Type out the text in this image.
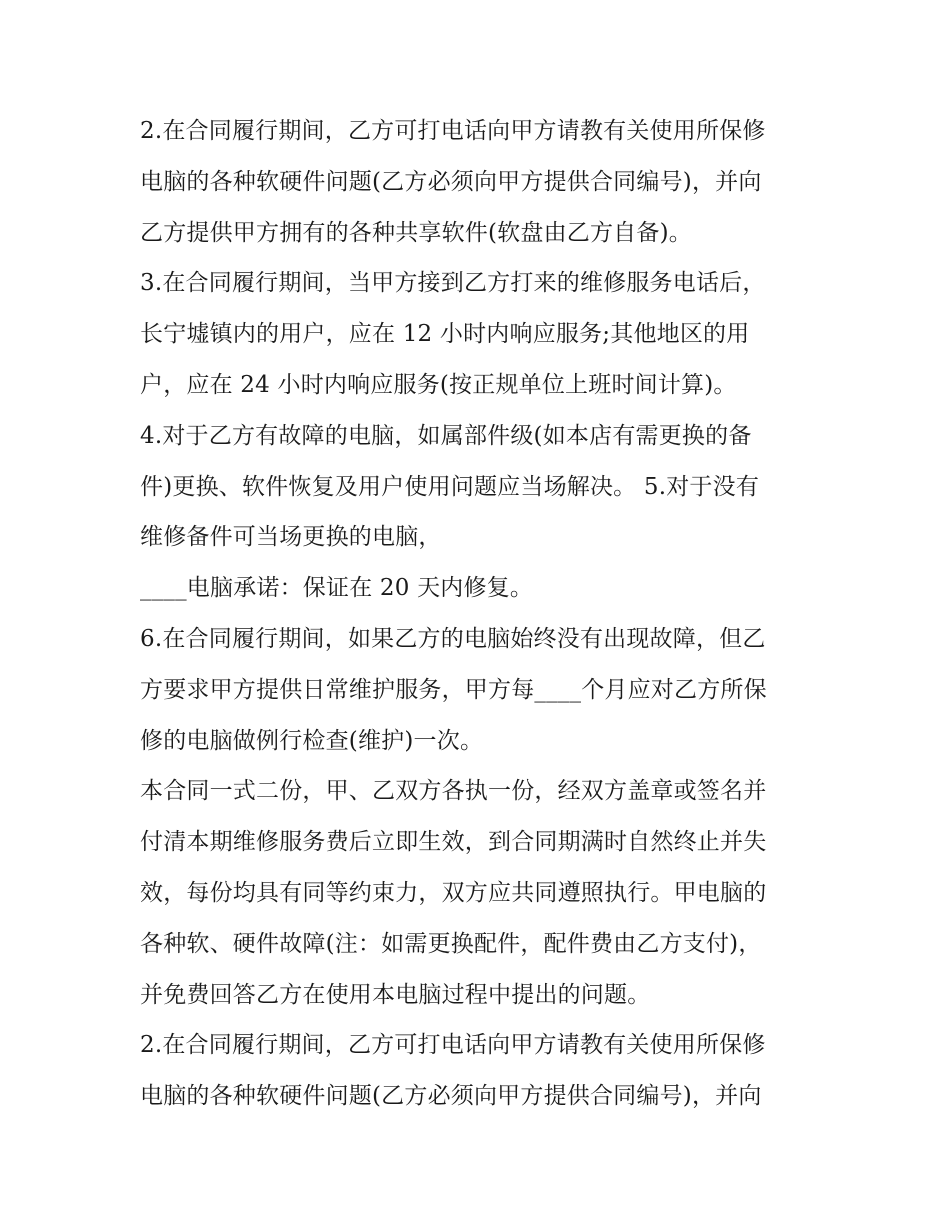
2.在合同履行期间，乙方可打电话向甲方请教有关使用所保修
电脑的各种软硬件问题(乙方必须向甲方提供合同编号)，并向
乙方提供甲方拥有的各种共享软件(软盘由乙方自备)。
3.在合同履行期间，当甲方接到乙方打来的维修服务电话后，
长宁墟镇内的用户，应在 12 小时内响应服务;其他地区的用
户，应在 24 小时内响应服务(按正规单位上班时间计算)。
4.对于乙方有故障的电脑，如属部件级(如本店有需更换的备
件)更换、软件恢复及用户使用问题应当场解决。 5.对于没有
维修备件可当场更换的电脑，
____电脑承诺：保证在 20 天内修复。
6.在合同履行期间，如果乙方的电脑始终没有出现故障，但乙
方要求甲方提供日常维护服务，甲方每____个月应对乙方所保
修的电脑做例行检查(维护)一次。
本合同一式二份，甲、乙双方各执一份，经双方盖章或签名并
付清本期维修服务费后立即生效，到合同期满时自然终止并失
效，每份均具有同等约束力，双方应共同遵照执行。甲电脑的
各种软、硬件故障(注：如需更换配件，配件费由乙方支付)，
并免费回答乙方在使用本电脑过程中提出的问题。
2.在合同履行期间，乙方可打电话向甲方请教有关使用所保修
电脑的各种软硬件问题(乙方必须向甲方提供合同编号)，并向
